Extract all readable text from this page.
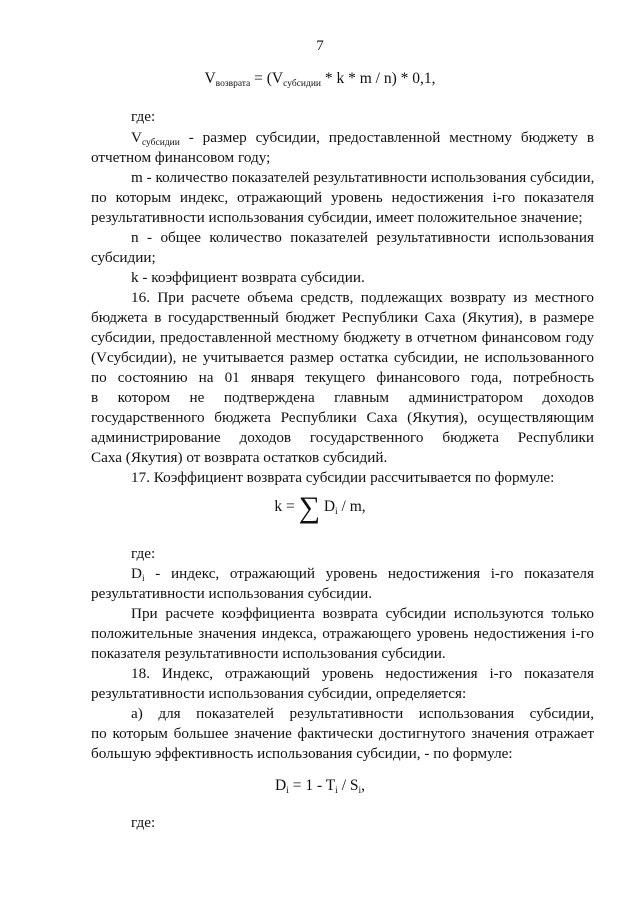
7
$V_{возврата} = (V_{субсидии} * k * m / n) * 0,1$,
где:
$V_{субсидии}$ - размер субсидии, предоставленной местному бюджету в
отчетном финансовом году;
m - количество показателей результативности использования субсидии,
по которым индекс, отражающий уровень недостижения i-го показателя
результативности использования субсидии, имеет положительное значение;
n - общее количество показателей результативности использования
субсидии;
k - коэффициент возврата субсидии.
16. При расчете объема средств, подлежащих возврату из местного
бюджета в государственный бюджет Республики Саха (Якутия), в размере
субсидии, предоставленной местному бюджету в отчетном финансовом году
(Vсубсидии), не учитывается размер остатка субсидии, не использованного
по состоянию на 01 января текущего финансового года, потребность
в котором не подтверждена главным администратором доходов
государственного бюджета Республики Саха (Якутия), осуществляющим
администрирование доходов государственного бюджета Республики
Саха (Якутия) от возврата остатков субсидий.
17. Коэффициент возврата субсидии рассчитывается по формуле:
k = ∑ $D_i$ / m,
где:
$D_i$ - индекс, отражающий уровень недостижения i-го показателя
результативности использования субсидии.
При расчете коэффициента возврата субсидии используются только
положительные значения индекса, отражающего уровень недостижения i-го
показателя результативности использования субсидии.
18. Индекс, отражающий уровень недостижения i-го показателя
результативности использования субсидии, определяется:
а) для показателей результативности использования субсидии,
по которым большее значение фактически достигнутого значения отражает
большую эффективность использования субсидии, - по формуле:
$D_i = 1 - T_i / S_i$,
где:
